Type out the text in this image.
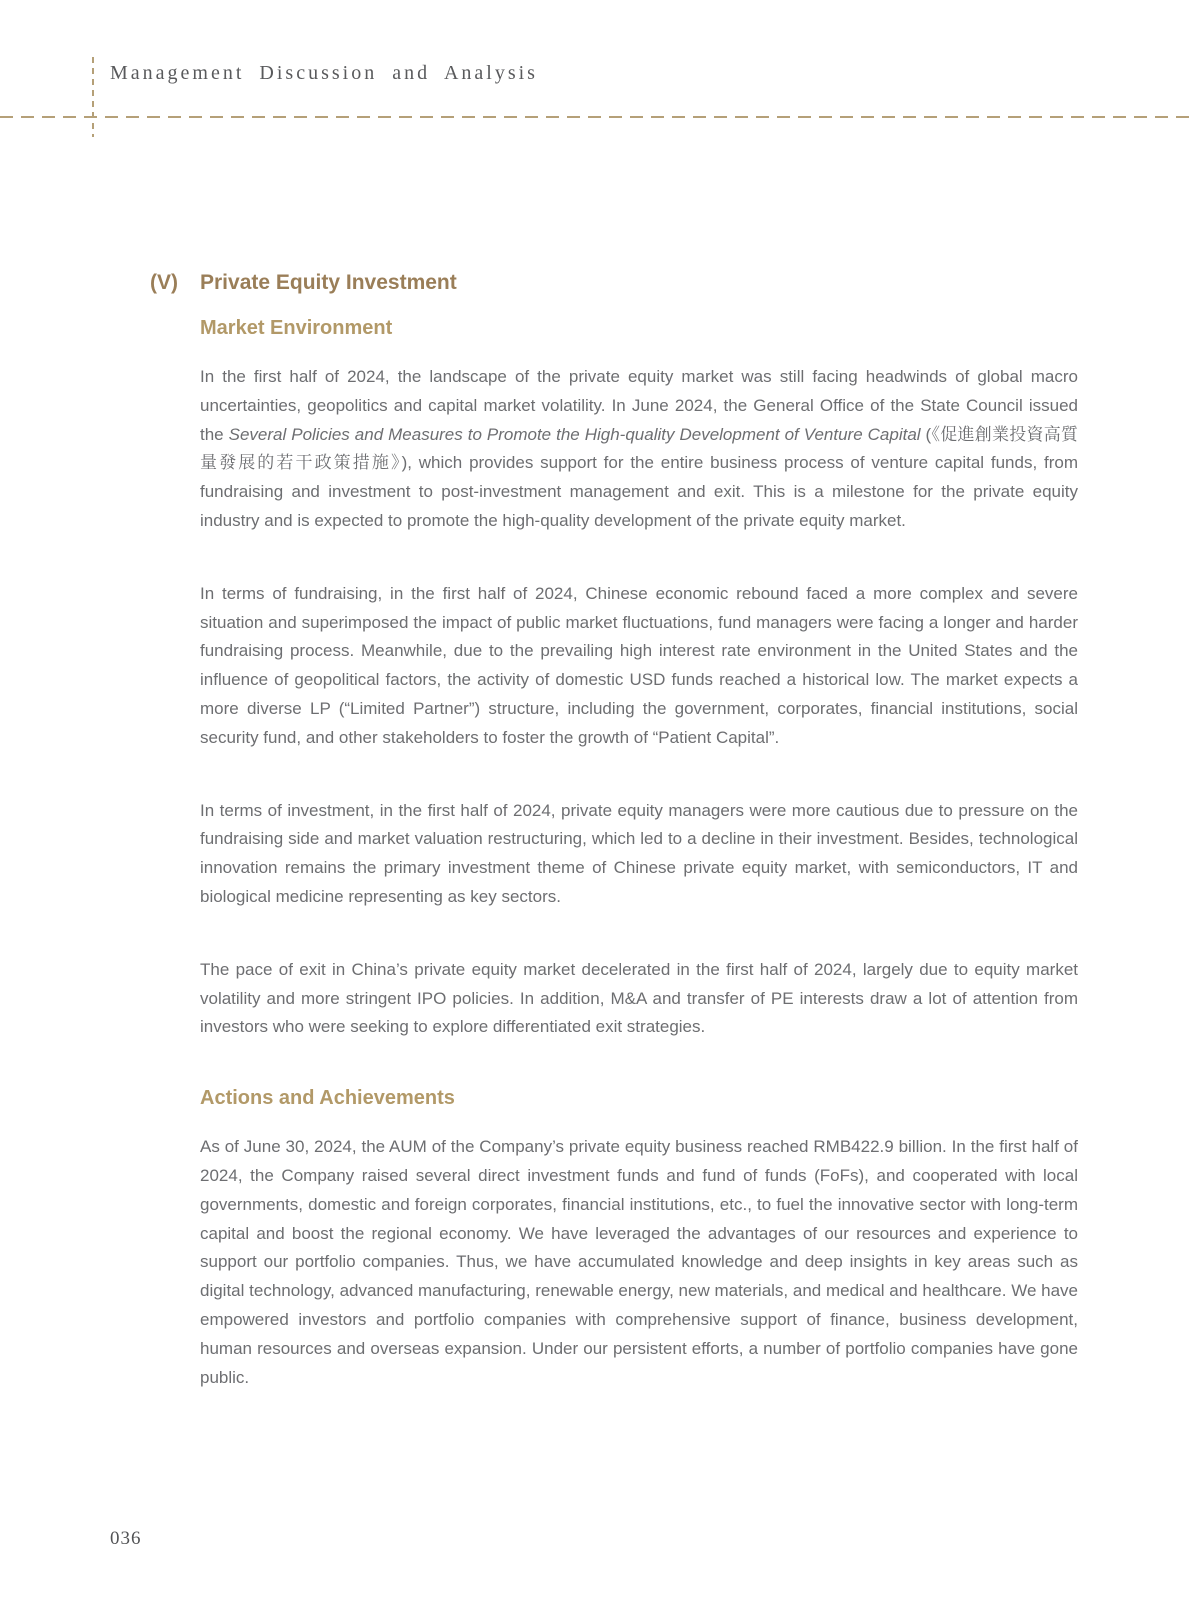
Management Discussion and Analysis
(V) Private Equity Investment
Market Environment

In the first half of 2024, the landscape of the private equity market was still facing headwinds of global macro uncertainties, geopolitics and capital market volatility. In June 2024, the General Office of the State Council issued the Several Policies and Measures to Promote the High-quality Development of Venture Capital (《促進創業投資高質量發展的若干政策措施》), which provides support for the entire business process of venture capital funds, from fundraising and investment to post-investment management and exit. This is a milestone for the private equity industry and is expected to promote the high-quality development of the private equity market.

In terms of fundraising, in the first half of 2024, Chinese economic rebound faced a more complex and severe situation and superimposed the impact of public market fluctuations, fund managers were facing a longer and harder fundraising process. Meanwhile, due to the prevailing high interest rate environment in the United States and the influence of geopolitical factors, the activity of domestic USD funds reached a historical low. The market expects a more diverse LP (“Limited Partner”) structure, including the government, corporates, financial institutions, social security fund, and other stakeholders to foster the growth of “Patient Capital”.

In terms of investment, in the first half of 2024, private equity managers were more cautious due to pressure on the fundraising side and market valuation restructuring, which led to a decline in their investment. Besides, technological innovation remains the primary investment theme of Chinese private equity market, with semiconductors, IT and biological medicine representing as key sectors.

The pace of exit in China’s private equity market decelerated in the first half of 2024, largely due to equity market volatility and more stringent IPO policies. In addition, M&A and transfer of PE interests draw a lot of attention from investors who were seeking to explore differentiated exit strategies.

Actions and Achievements

As of June 30, 2024, the AUM of the Company’s private equity business reached RMB422.9 billion. In the first half of 2024, the Company raised several direct investment funds and fund of funds (FoFs), and cooperated with local governments, domestic and foreign corporates, financial institutions, etc., to fuel the innovative sector with long-term capital and boost the regional economy. We have leveraged the advantages of our resources and experience to support our portfolio companies. Thus, we have accumulated knowledge and deep insights in key areas such as digital technology, advanced manufacturing, renewable energy, new materials, and medical and healthcare. We have empowered investors and portfolio companies with comprehensive support of finance, business development, human resources and overseas expansion. Under our persistent efforts, a number of portfolio companies have gone public.

036
